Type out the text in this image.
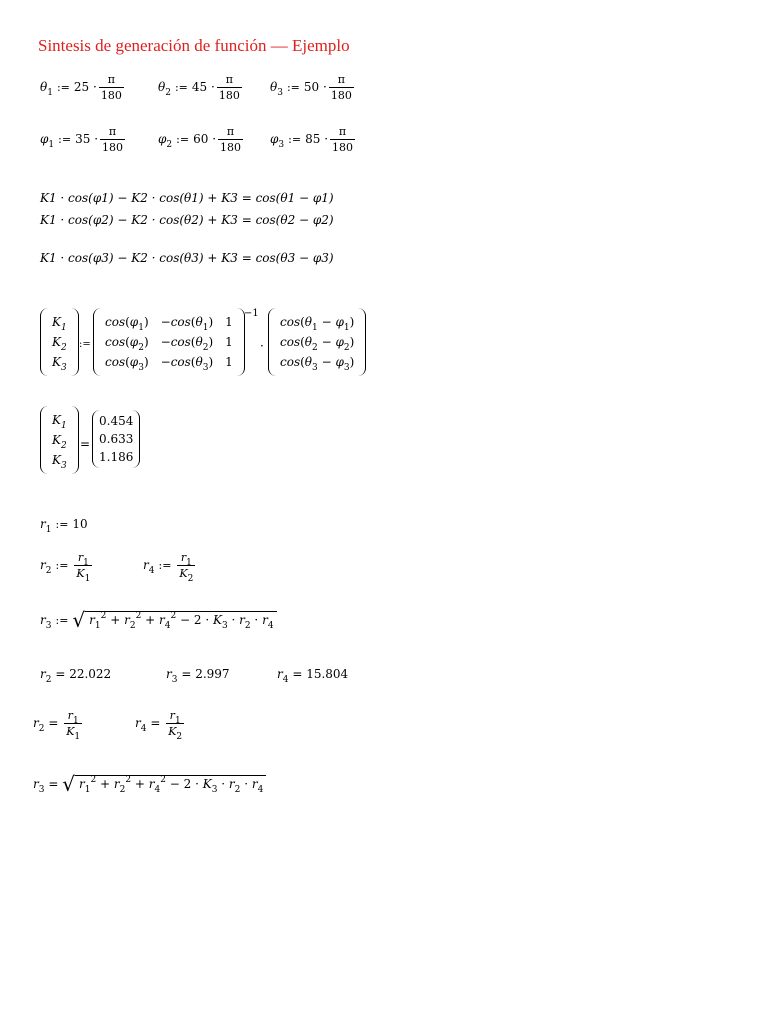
Sintesis de generación de función — Ejemplo
$\theta_1$ := $25 \cdot \frac{\pi}{180}$	$\theta_2$ := $45 \cdot \frac{\pi}{180} \theta_3$ := $50 \cdot \frac{\pi}{180}$
$\varphi_1$ := $35 \cdot \frac{\pi}{180}$	$\varphi_2$ := $60 \cdot \frac{\pi}{180} \varphi_3$ := $85 \cdot \frac{\pi}{180}$
K1 · cos(φ1) − K2 · cos(θ1) + K3 = cos(θ1 − φ1)
K1 · cos(φ2) − K2 · cos(θ2) + K3 = cos(θ2 − φ2)
K1 · cos(φ3) − K2 · cos(θ3) + K3 = cos(θ3 − φ3)
$K_1$
$K_2$
$K_3$
:=
$\cos(\varphi_1)$	$-\cos(\theta_1)$	1
$\cos(\varphi_2)$	$-\cos(\theta_2)$	1
$\cos(\varphi_3)$	$-\cos(\theta_3)$	1
−1
·
$\cos(\theta_1 - \varphi_1)$
$\cos(\theta_2 - \varphi_2)$
$\cos(\theta_3 - \varphi_3)$
$K_1$
$K_2$
$K_3$
=
0.454
0.633
1.186
$r_1$ := 10
$r_2$ := $\frac{r_1}{K_1}$	$r_4$ := $\frac{r_1}{K_2}$
$r_3$ := √ $r_1^2 + r_2^2 + r_4^2 - 2 \cdot K_3 \cdot r_2 \cdot r_4$
$r_2 = 22.022$	$r_3 = 2.997$	$r_4 = 15.804$
$r_2 = \frac{r_1}{K_1}$	$r_4 = \frac{r_1}{K_2}$
$r_3$ = √ $r_1^2 + r_2^2 + r_4^2 - 2 \cdot K_3 \cdot r_2 \cdot r_4$
